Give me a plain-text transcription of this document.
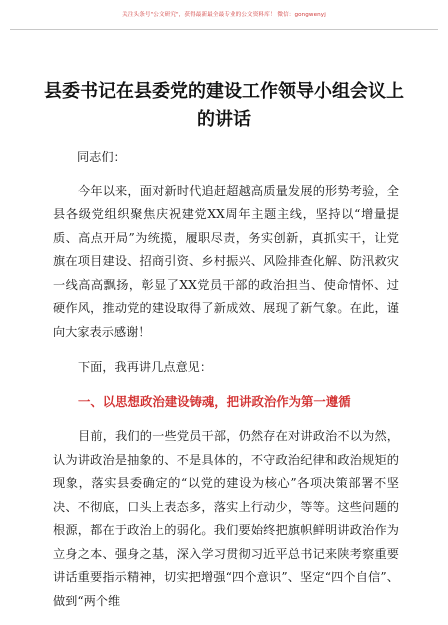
关注头条号"公文研究"，获得最新最全最专业的公文资料库！ 微信：gongwenyj
县委书记在县委党的建设工作领导小组会议上的讲话

同志们：

今年以来，面对新时代追赶超越高质量发展的形势考验，全县各级党组织聚焦庆祝建党XX周年主题主线，坚持以“增量提质、高点开局”为统揽，履职尽责，务实创新，真抓实干，让党旗在项目建设、招商引资、乡村振兴、风险排查化解、防汛救灾一线高高飘扬，彰显了XX党员干部的政治担当、使命情怀、过硬作风，推动党的建设取得了新成效、展现了新气象。在此，谨向大家表示感谢！

下面，我再讲几点意见：

一、以思想政治建设铸魂，把讲政治作为第一遵循

目前，我们的一些党员干部，仍然存在对讲政治不以为然，认为讲政治是抽象的、不是具体的，不守政治纪律和政治规矩的现象，落实县委确定的“以党的建设为核心”各项决策部署不坚决、不彻底，口头上表态多，落实上行动少，等等。这些问题的根源，都在于政治上的弱化。我们要始终把旗帜鲜明讲政治作为立身之本、强身之基，深入学习贯彻习近平总书记来陕考察重要讲话重要指示精神，切实把增强“四个意识”、坚定“四个自信”、做到“两个维
